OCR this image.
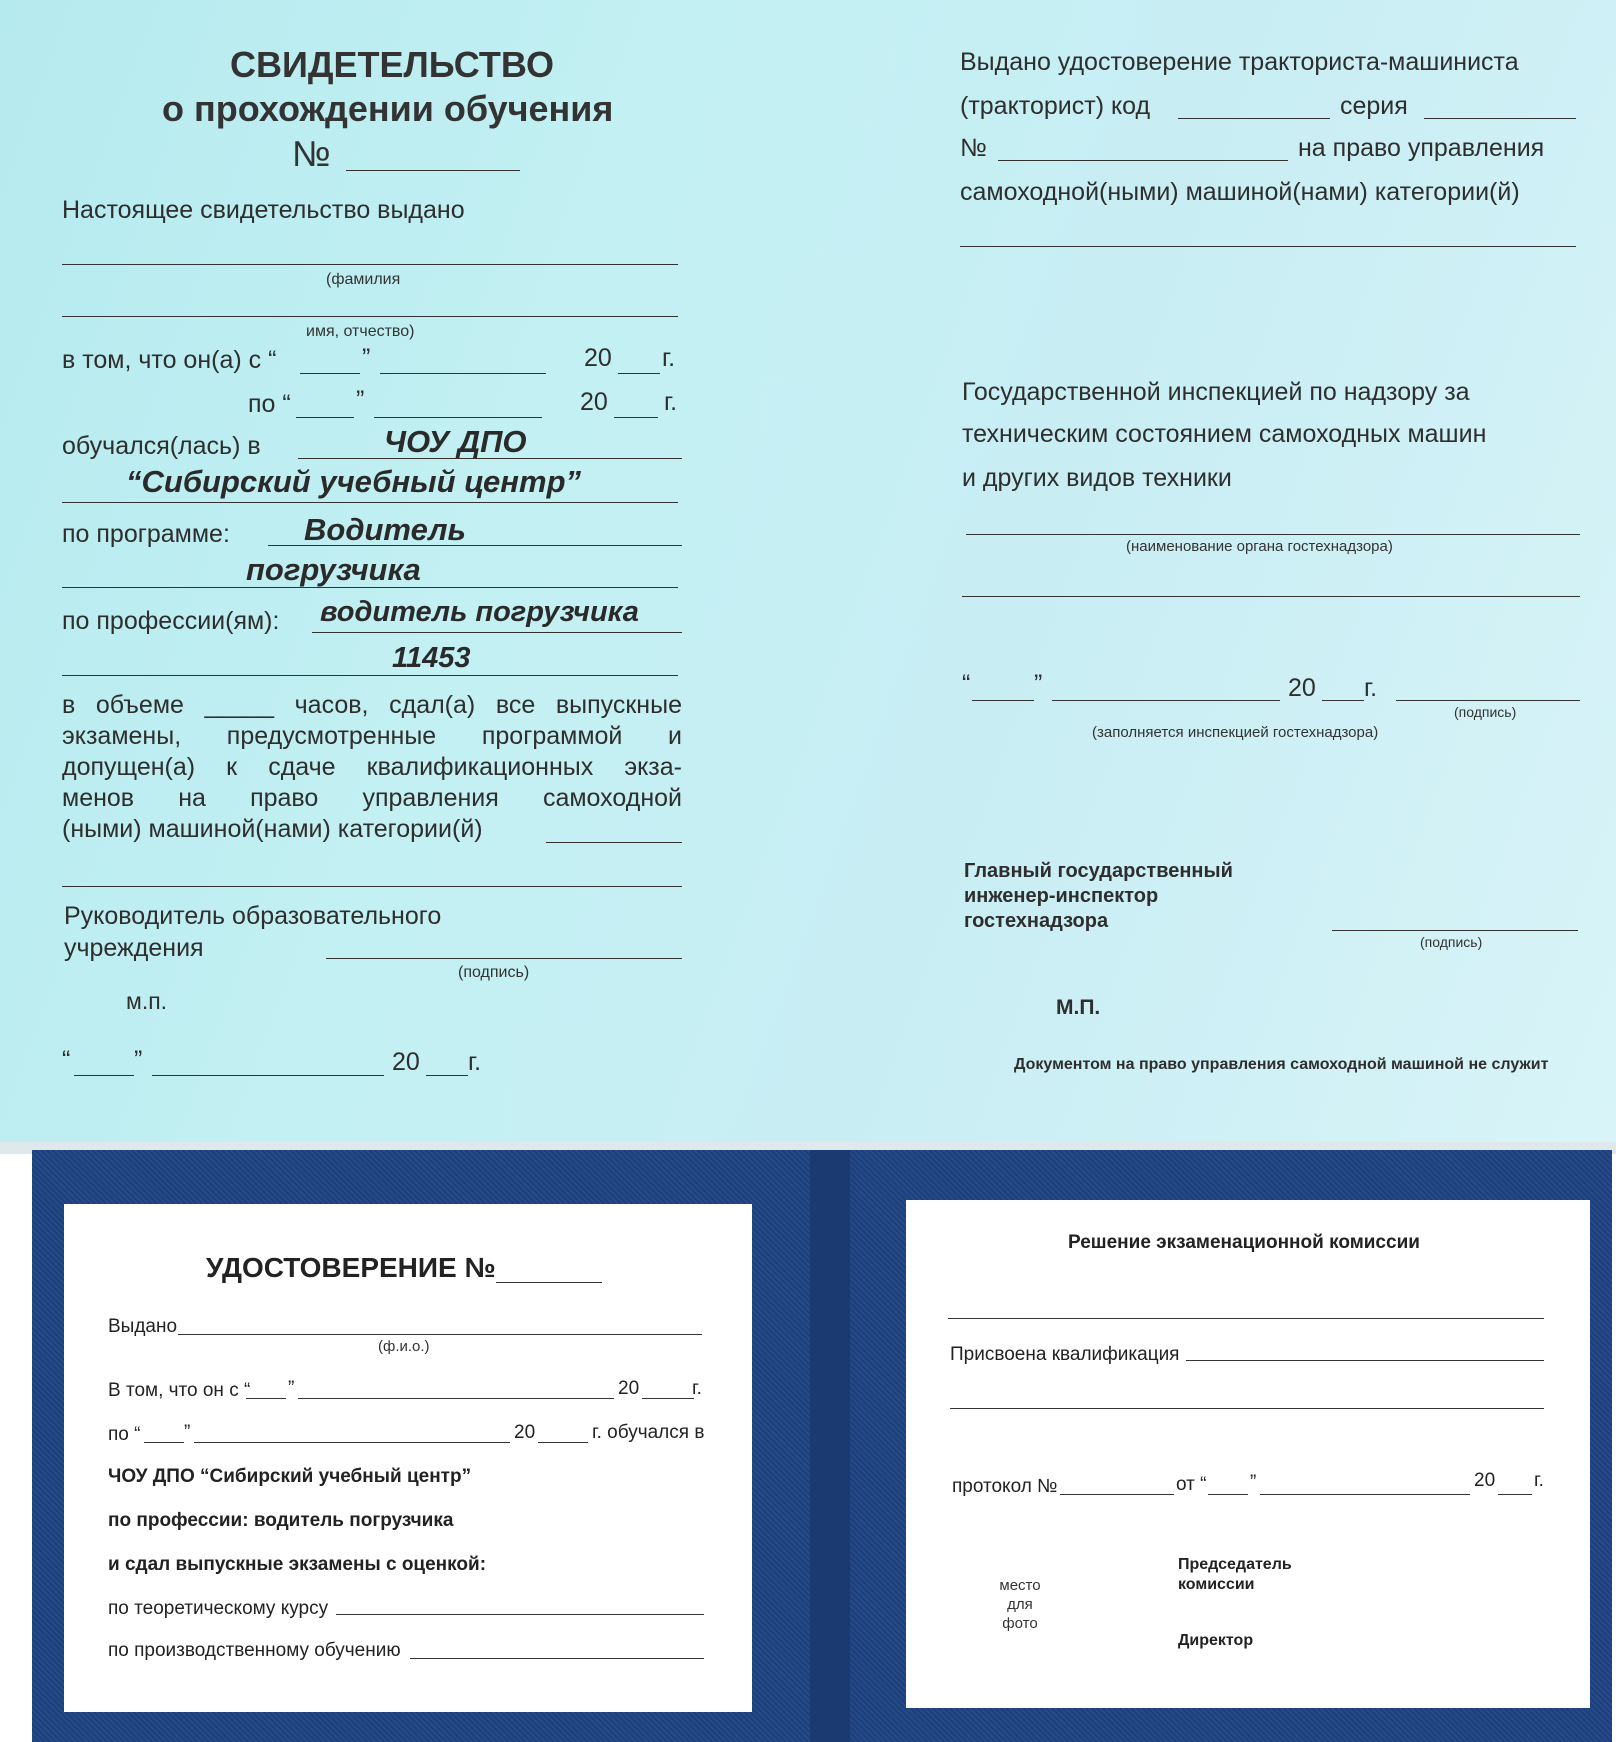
СВИДЕТЕЛЬСТВО
о прохождении обучения
№
Настоящее свидетельство выдано
(фамилия
имя, отчество)
в том, что он(а) с “	”	20 г.
по “	”	20 г.
обучался(лась) в	ЧОУ ДПО
“Сибирский учебный центр”
по программе: Водитель
погрузчика
по профессии(ям): водитель погрузчика
11453
в объеме _____ часов, сдал(а) все выпускные
экзамены, предусмотренные программой и
допущен(а) к сдаче квалификационных экза-
менов на право управления самоходной
(ными) машиной(нами) категории(й)
Руководитель образовательного
учреждения
(подпись)
м.п.
“	”	20 г.
Выдано удостоверение тракториста-машиниста
(тракторист) код	серия
№	на право управления
самоходной(ными) машиной(нами) категории(й)
Государственной инспекцией по надзору за
техническим состоянием самоходных машин
и других видов техники
(наименование органа гостехнадзора)
“	”	20 г.
(подпись)
(заполняется инспекцией гостехнадзора)
Главный государственный
инженер-инспектор
гостехнадзора
(подпись)
М.П.
Документом на право управления самоходной машиной не служит
УДОСТОВЕРЕНИЕ №
Выдано
(ф.и.о.)
В том, что он с “ ”	20	г.
по “ ”	20	г. обучался в
ЧОУ ДПО “Сибирский учебный центр”
по профессии: водитель погрузчика
и сдал выпускные экзамены с оценкой:
по теоретическому курсу
по производственному обучению
Решение экзаменационной комиссии
Присвоена квалификация
протокол №	от “ ”	20 г.
место
для
фото
Председатель
комиссии
Директор
